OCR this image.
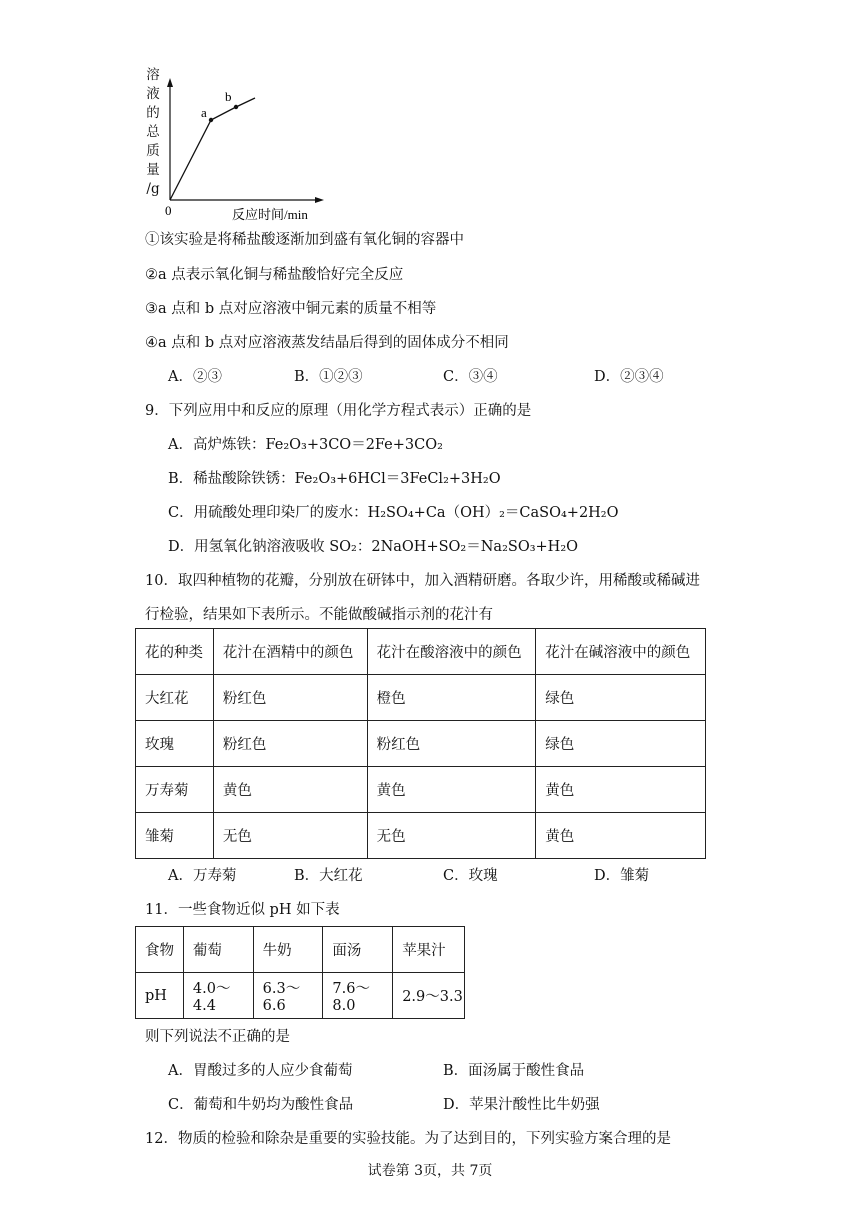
a
b
0	反应时间/min
溶
液
的
总
质
量
/g
①该实验是将稀盐酸逐渐加到盛有氧化铜的容器中
②a 点表示氧化铜与稀盐酸恰好完全反应
③a 点和 b 点对应溶液中铜元素的质量不相等
④a 点和 b 点对应溶液蒸发结晶后得到的固体成分不相同
A．②③	B．①②③	C．③④	D．②③④
9．下列应用中和反应的原理（用化学方程式表示）正确的是
A．高炉炼铁：Fe₂O₃+3CO＝2Fe+3CO₂
B．稀盐酸除铁锈：Fe₂O₃+6HCl＝3FeCl₂+3H₂O
C．用硫酸处理印染厂的废水：H₂SO₄+Ca（OH）₂＝CaSO₄+2H₂O
D．用氢氧化钠溶液吸收 SO₂：2NaOH+SO₂＝Na₂SO₃+H₂O
10．取四种植物的花瓣，分别放在研钵中，加入酒精研磨。各取少许，用稀酸或稀碱进
行检验，结果如下表所示。不能做酸碱指示剂的花汁有
花的种类	花汁在酒精中的颜色	花汁在酸溶液中的颜色	花汁在碱溶液中的颜色
大红花	粉红色	橙色	绿色
玫瑰	粉红色	粉红色	绿色
万寿菊	黄色	黄色	黄色
雏菊	无色	无色	黄色
A．万寿菊	B．大红花	C．玫瑰	D．雏菊
11．一些食物近似 pH 如下表
食物	葡萄	牛奶	面汤	苹果汁
pH	4.0～4.4	6.3～6.6	7.6～8.0	2.9～3.3
则下列说法不正确的是
A．胃酸过多的人应少食葡萄	B．面汤属于酸性食品
C．葡萄和牛奶均为酸性食品	D．苹果汁酸性比牛奶强
12．物质的检验和除杂是重要的实验技能。为了达到目的，下列实验方案合理的是
试卷第 3页，共 7页
